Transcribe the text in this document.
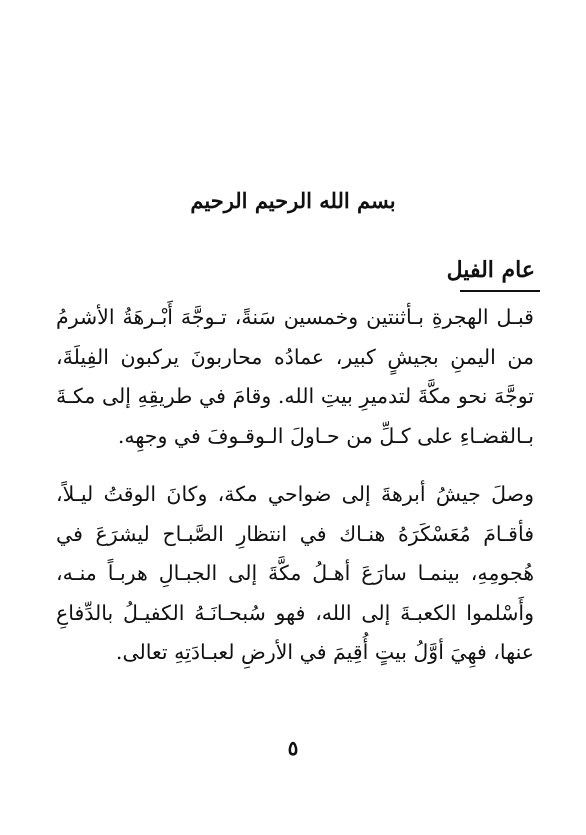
بسم الله الرحيم الرحيم
عام الفيل

قبـل الهجرةِ بـأثنتين وخمسين سَنةً، تـوجَّهَ أَبْـرهَةُ الأشرمُ من اليمنِ بجيشٍ كبير، عمادُه محاربونَ يركبون الفِيلَةَ، توجَّهَ نحو مكَّةَ لتدميرِ بيتِ الله. وقامَ في طريقِهِ إلى مكـةَ بـالقضـاءِ على كـلِّ من حـاولَ الـوقـوفَ في وجهِه.

وصلَ جيشُ أبرهةَ إلى ضواحي مكة، وكانَ الوقتُ ليـلاً، فأقـامَ مُعَسْكَرَهُ هنـاك في انتظارِ الصَّبـاح ليشرَعَ في هُجومِهِ، بينمـا سارَعَ أهـلُ مكَّةَ إلى الجبـالِ هربـاً منـه، وأَسْلموا الكعبـةَ إلى الله، فهو سُبحـانَـهُ الكفيـلُ بالدِّفاعِ عنها، فهِيَ أوَّلُ بيتٍ أُقِيمَ في الأرضِ لعبـادَتِهِ تعالى.

٥
